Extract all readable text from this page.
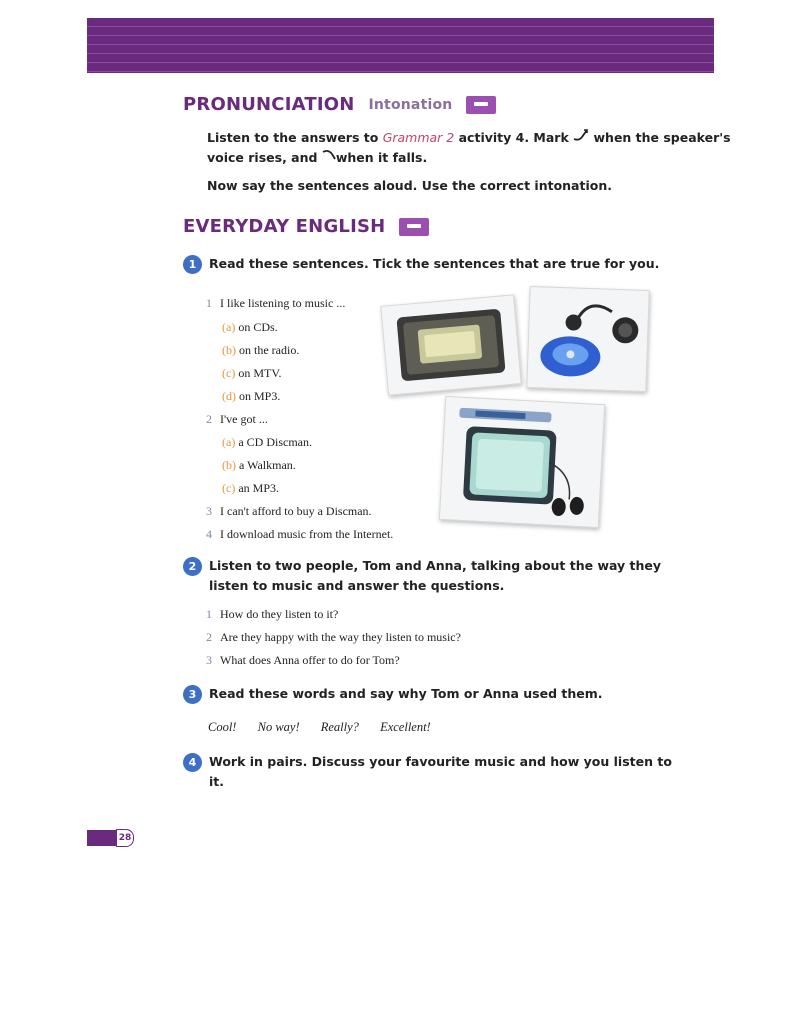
PRONUNCIATION Intonation
Listen to the answers to Grammar 2 activity 4. Mark  when the speaker's
voice rises, and when it falls.
Now say the sentences aloud. Use the correct intonation.
EVERYDAY ENGLISH
1	Read these sentences. Tick the sentences that are true for you.
1 I like listening to music ...
(a) on CDs.
(b) on the radio.
(c) on MTV.
(d) on MP3.
2 I've got ...
(a) a CD Discman.
(b) a Walkman.
(c) an MP3.
3 I can't afford to buy a Discman.
4 I download music from the Internet.
2	Listen to two people, Tom and Anna, talking about the way they listen to music and answer the questions.
1 How do they listen to it?
2 Are they happy with the way they listen to music?
3 What does Anna offer to do for Tom?
3	Read these words and say why Tom or Anna used them.
Cool! No way! Really? Excellent!
4	Work in pairs. Discuss your favourite music and how you listen to it.
28
